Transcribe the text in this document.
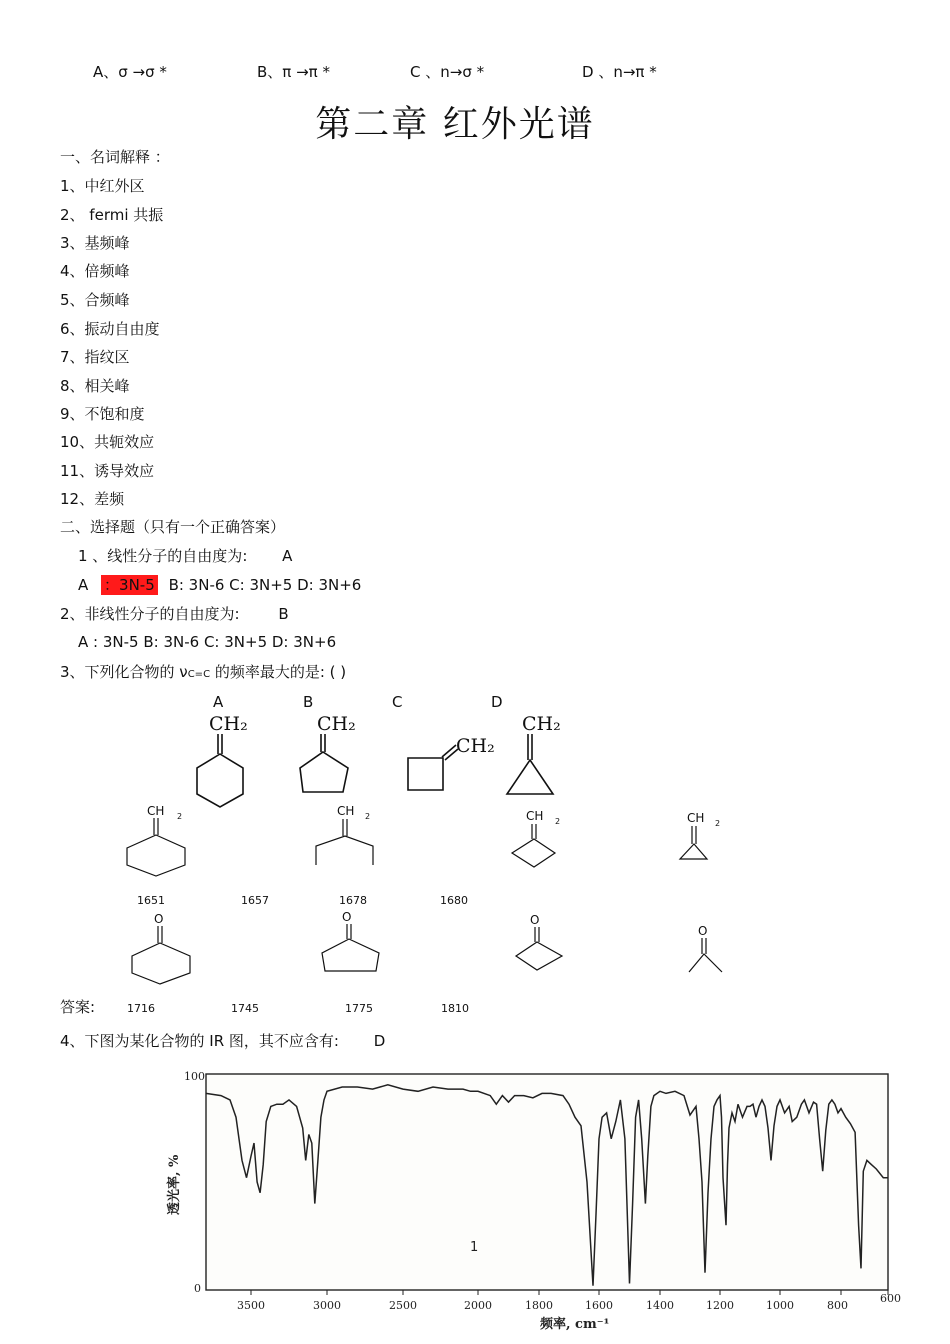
A、σ →σ *	B、π →π *	C 、n→σ *	D 、n→π *
第二章 红外光谱
一、名词解释 ：
1、中红外区
2、 fermi 共振
3、基频峰
4、倍频峰
5、合频峰
6、振动自由度
7、指纹区
8、相关峰
9、不饱和度
10、共轭效应
11、诱导效应
12、差频
二、选择题（只有一个正确答案）
1 、线性分子的自由度为: A
A ：3N-5 B: 3N-6 C: 3N+5 D: 3N+6
2、非线性分子的自由度为:	B
A : 3N-5 B: 3N-6 C: 3N+5 D: 3N+6
3、下列化合物的 νC=C 的频率最大的是: ( )
A	B	C	D
CH₂	CH₂
CH₂
CH₂
CH 2	CH 2	CH 2	CH 2
1651	1657	1678	1680
O	O	O
O
答案:	1716	1745	1775	1810
4、下图为某化合物的 IR 图，其不应含有: D
3500	3000	2500	2000	1800	1600	1400	1200	1000	800
600
100
0
透光率, %
频率, cm⁻¹
1
